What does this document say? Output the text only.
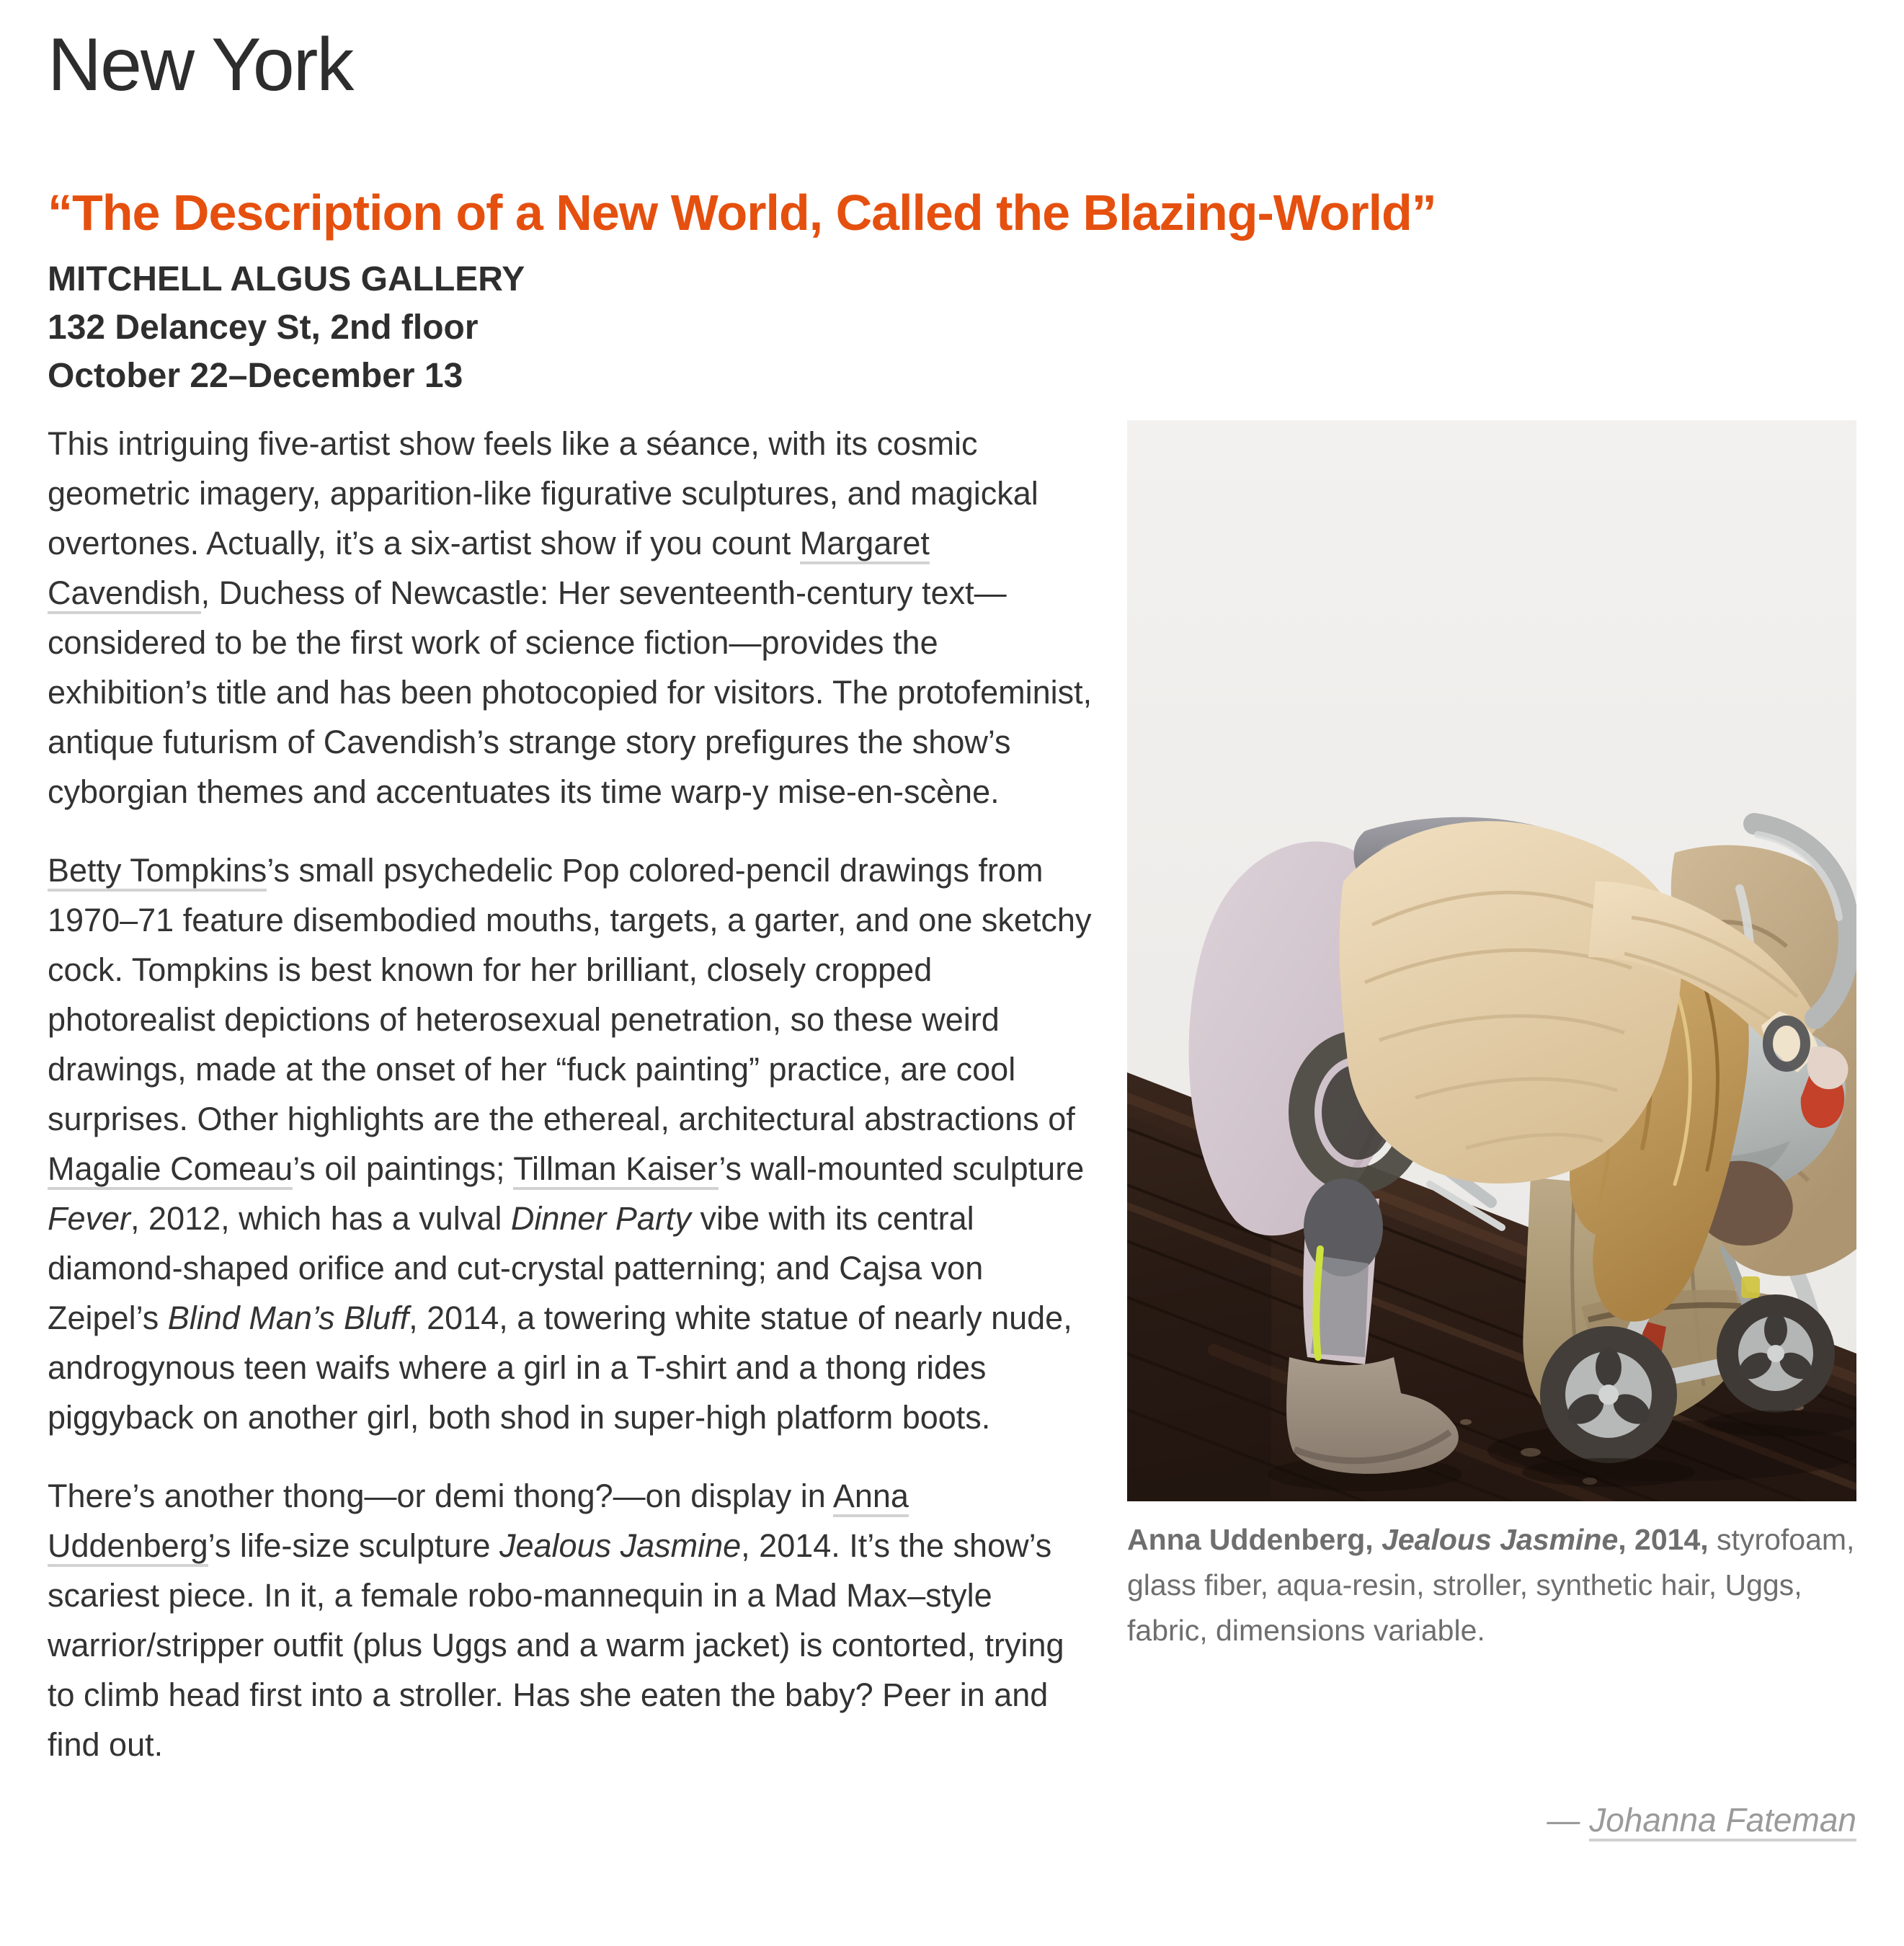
New York
“The Description of a New World, Called the Blazing-World”
MITCHELL ALGUS GALLERY
132 Delancey St, 2nd floor
October 22–December 13
Anna Uddenberg, Jealous Jasmine, 2014, styrofoam, glass fiber, aqua-resin, stroller, synthetic hair, Uggs, fabric, dimensions variable.

This intriguing five-artist show feels like a séance, with its cosmic geometric imagery, apparition-like figurative sculptures, and magickal overtones. Actually, it’s a six-artist show if you count Margaret Cavendish, Duchess of Newcastle: Her seventeenth-century text—considered to be the first work of science fiction—provides the exhibition’s title and has been photocopied for visitors. The protofeminist, antique futurism of Cavendish’s strange story prefigures the show’s cyborgian themes and accentuates its time warp-y mise-en-scène.

Betty Tompkins’s small psychedelic Pop colored-pencil drawings from 1970–71 feature disembodied mouths, targets, a garter, and one sketchy cock. Tompkins is best known for her brilliant, closely cropped photorealist depictions of heterosexual penetration, so these weird drawings, made at the onset of her “fuck painting” practice, are cool surprises. Other highlights are the ethereal, architectural abstractions of Magalie Comeau’s oil paintings; Tillman Kaiser’s wall-mounted sculpture Fever, 2012, which has a vulval Dinner Party vibe with its central diamond-shaped orifice and cut-crystal patterning; and Cajsa von Zeipel’s Blind Man’s Bluff, 2014, a towering white statue of nearly nude, androgynous teen waifs where a girl in a T-shirt and a thong rides piggyback on another girl, both shod in super-high platform boots.

There’s another thong—or demi thong?—on display in Anna Uddenberg’s life-size sculpture Jealous Jasmine, 2014. It’s the show’s scariest piece. In it, a female robo-mannequin in a Mad Max–style warrior/stripper outfit (plus Uggs and a warm jacket) is contorted, trying to climb head first into a stroller. Has she eaten the baby? Peer in and find out.

— Johanna Fateman
